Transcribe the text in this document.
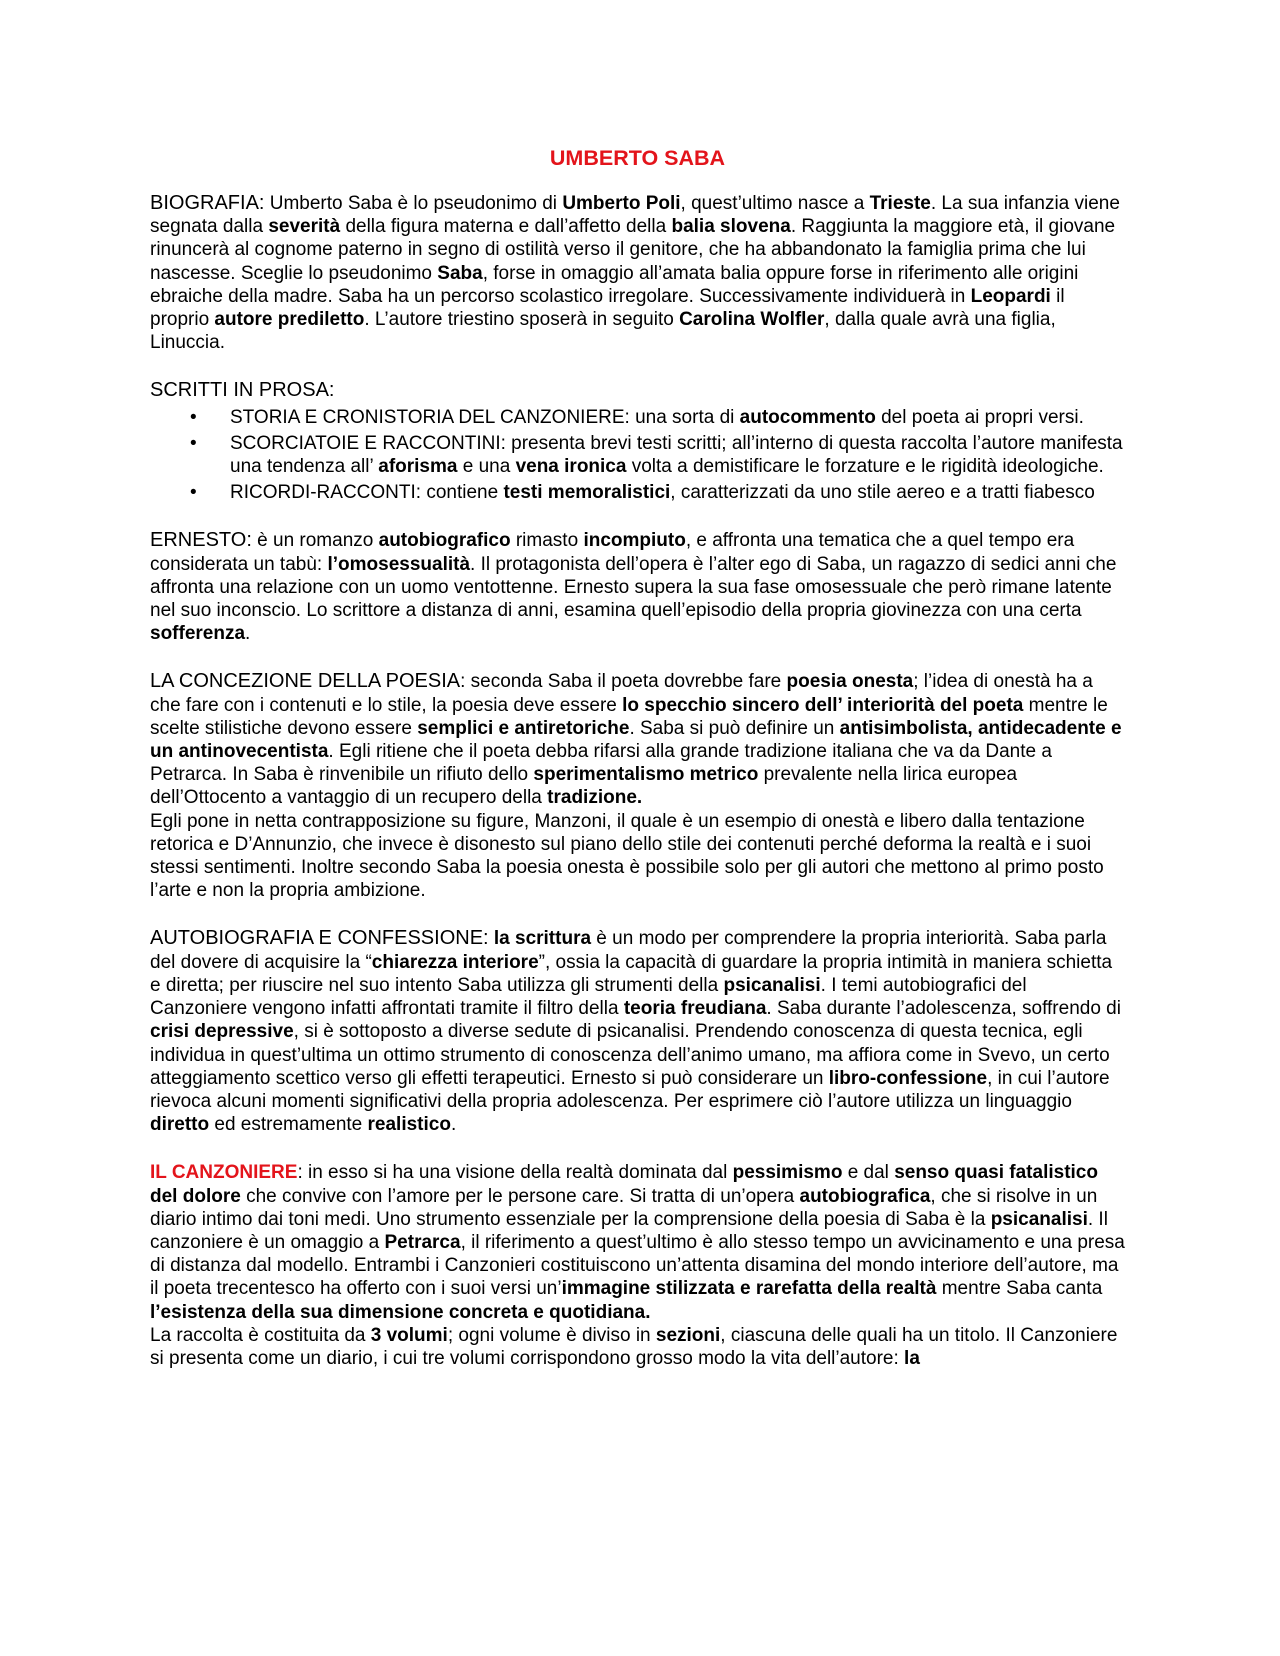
UMBERTO SABA

BIOGRAFIA: Umberto Saba è lo pseudonimo di Umberto Poli, quest’ultimo nasce a Trieste. La sua infanzia viene segnata dalla severità della figura materna e dall’affetto della balia slovena. Raggiunta la maggiore età, il giovane rinuncerà al cognome paterno in segno di ostilità verso il genitore, che ha abbandonato la famiglia prima che lui nascesse. Sceglie lo pseudonimo Saba, forse in omaggio all’amata balia oppure forse in riferimento alle origini ebraiche della madre. Saba ha un percorso scolastico irregolare. Successivamente individuerà in Leopardi il proprio autore prediletto. L’autore triestino sposerà in seguito Carolina Wolfler, dalla quale avrà una figlia, Linuccia.

SCRITTI IN PROSA:

•	STORIA E CRONISTORIA DEL CANZONIERE: una sorta di autocommento del poeta ai propri versi.
•	SCORCIATOIE E RACCONTINI: presenta brevi testi scritti; all’interno di questa raccolta l’autore manifesta una tendenza all’ aforisma e una vena ironica volta a demistificare le forzature e le rigidità ideologiche.
•	RICORDI-RACCONTI: contiene testi memoralistici, caratterizzati da uno stile aereo e a tratti fiabesco

ERNESTO: è un romanzo autobiografico rimasto incompiuto, e affronta una tematica che a quel tempo era considerata un tabù: l’omosessualità. Il protagonista dell’opera è l’alter ego di Saba, un ragazzo di sedici anni che affronta una relazione con un uomo ventottenne. Ernesto supera la sua fase omosessuale che però rimane latente nel suo inconscio. Lo scrittore a distanza di anni, esamina quell’episodio della propria giovinezza con una certa sofferenza.

LA CONCEZIONE DELLA POESIA: seconda Saba il poeta dovrebbe fare poesia onesta; l’idea di onestà ha a che fare con i contenuti e lo stile, la poesia deve essere lo specchio sincero dell’ interiorità del poeta mentre le scelte stilistiche devono essere semplici e antiretoriche. Saba si può definire un antisimbolista, antidecadente e un antinovecentista. Egli ritiene che il poeta debba rifarsi alla grande tradizione italiana che va da Dante a Petrarca. In Saba è rinvenibile un rifiuto dello sperimentalismo metrico prevalente nella lirica europea dell’Ottocento a vantaggio di un recupero della tradizione.
Egli pone in netta contrapposizione su figure, Manzoni, il quale è un esempio di onestà e libero dalla tentazione retorica e D’Annunzio, che invece è disonesto sul piano dello stile dei contenuti perché deforma la realtà e i suoi stessi sentimenti. Inoltre secondo Saba la poesia onesta è possibile solo per gli autori che mettono al primo posto l’arte e non la propria ambizione.

AUTOBIOGRAFIA E CONFESSIONE: la scrittura è un modo per comprendere la propria interiorità. Saba parla del dovere di acquisire la “chiarezza interiore”, ossia la capacità di guardare la propria intimità in maniera schietta e diretta; per riuscire nel suo intento Saba utilizza gli strumenti della psicanalisi. I temi autobiografici del Canzoniere vengono infatti affrontati tramite il filtro della teoria freudiana. Saba durante l’adolescenza, soffrendo di crisi depressive, si è sottoposto a diverse sedute di psicanalisi. Prendendo conoscenza di questa tecnica, egli individua in quest’ultima un ottimo strumento di conoscenza dell’animo umano, ma affiora come in Svevo, un certo atteggiamento scettico verso gli effetti terapeutici. Ernesto si può considerare un libro-confessione, in cui l’autore rievoca alcuni momenti significativi della propria adolescenza. Per esprimere ciò l’autore utilizza un linguaggio diretto ed estremamente realistico.

IL CANZONIERE: in esso si ha una visione della realtà dominata dal pessimismo e dal senso quasi fatalistico del dolore che convive con l’amore per le persone care. Si tratta di un’opera autobiografica, che si risolve in un diario intimo dai toni medi. Uno strumento essenziale per la comprensione della poesia di Saba è la psicanalisi. Il canzoniere è un omaggio a Petrarca, il riferimento a quest’ultimo è allo stesso tempo un avvicinamento e una presa di distanza dal modello. Entrambi i Canzonieri costituiscono un’attenta disamina del mondo interiore dell’autore, ma il poeta trecentesco ha offerto con i suoi versi un’immagine stilizzata e rarefatta della realtà mentre Saba canta l’esistenza della sua dimensione concreta e quotidiana.
La raccolta è costituita da 3 volumi; ogni volume è diviso in sezioni, ciascuna delle quali ha un titolo. Il Canzoniere si presenta come un diario, i cui tre volumi corrispondono grosso modo la vita dell’autore: la
